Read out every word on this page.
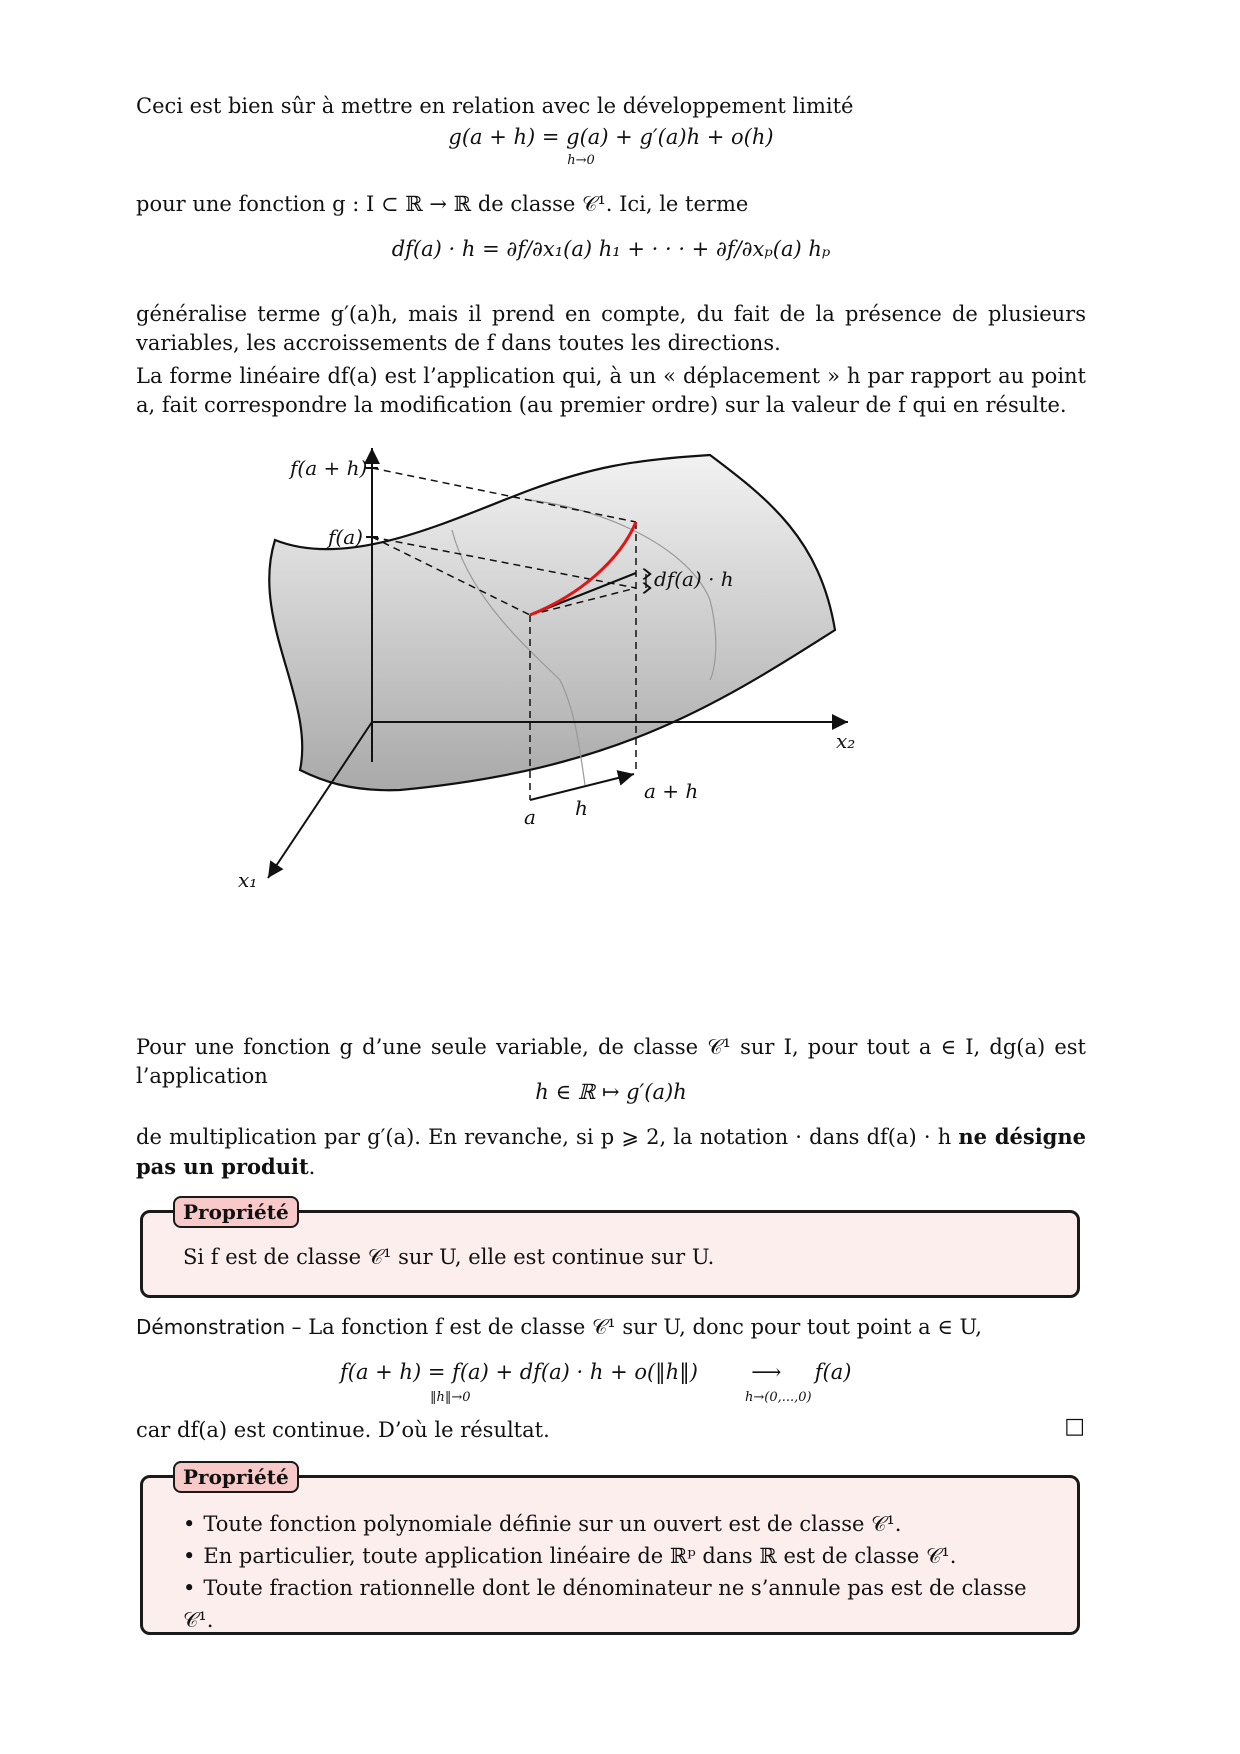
Ceci est bien sûr à mettre en relation avec le développement limité
g(a + h) = g(a) + g′(a)h + o(h)
h→0
pour une fonction g : I ⊂ ℝ → ℝ de classe 𝒞¹. Ici, le terme
df(a) · h = ∂f/∂x₁(a) h₁ + · · · + ∂f/∂xₚ(a) hₚ
généralise terme g′(a)h, mais il prend en compte, du fait de la présence de plusieurs variables, les accroissements de f dans toutes les directions.
La forme linéaire df(a) est l’application qui, à un « déplacement » h par rapport au point a, fait correspondre la modification (au premier ordre) sur la valeur de f qui en résulte.
f(a + h)
f(a)
df(a) · h
x₂
x₁
a h
a + h
Pour une fonction g d’une seule variable, de classe 𝒞¹ sur I, pour tout a ∈ I, dg(a) est l’application
h ∈ ℝ ↦ g′(a)h
de multiplication par g′(a). En revanche, si p ⩾ 2, la notation · dans df(a) · h ne désigne pas un produit.
Propriété
Si f est de classe 𝒞¹ sur U, elle est continue sur U.
Démonstration – La fonction f est de classe 𝒞¹ sur U, donc pour tout point a ∈ U,
f(a + h) = f(a) + df(a) · h + o(‖h‖)	⟶ f(a)
‖h‖→0	h→(0,...,0)
car df(a) est continue. D’où le résultat.	□
Propriété
• Toute fonction polynomiale définie sur un ouvert est de classe 𝒞¹.
• En particulier, toute application linéaire de ℝᵖ dans ℝ est de classe 𝒞¹.
• Toute fraction rationnelle dont le dénominateur ne s’annule pas est de classe 𝒞¹.
